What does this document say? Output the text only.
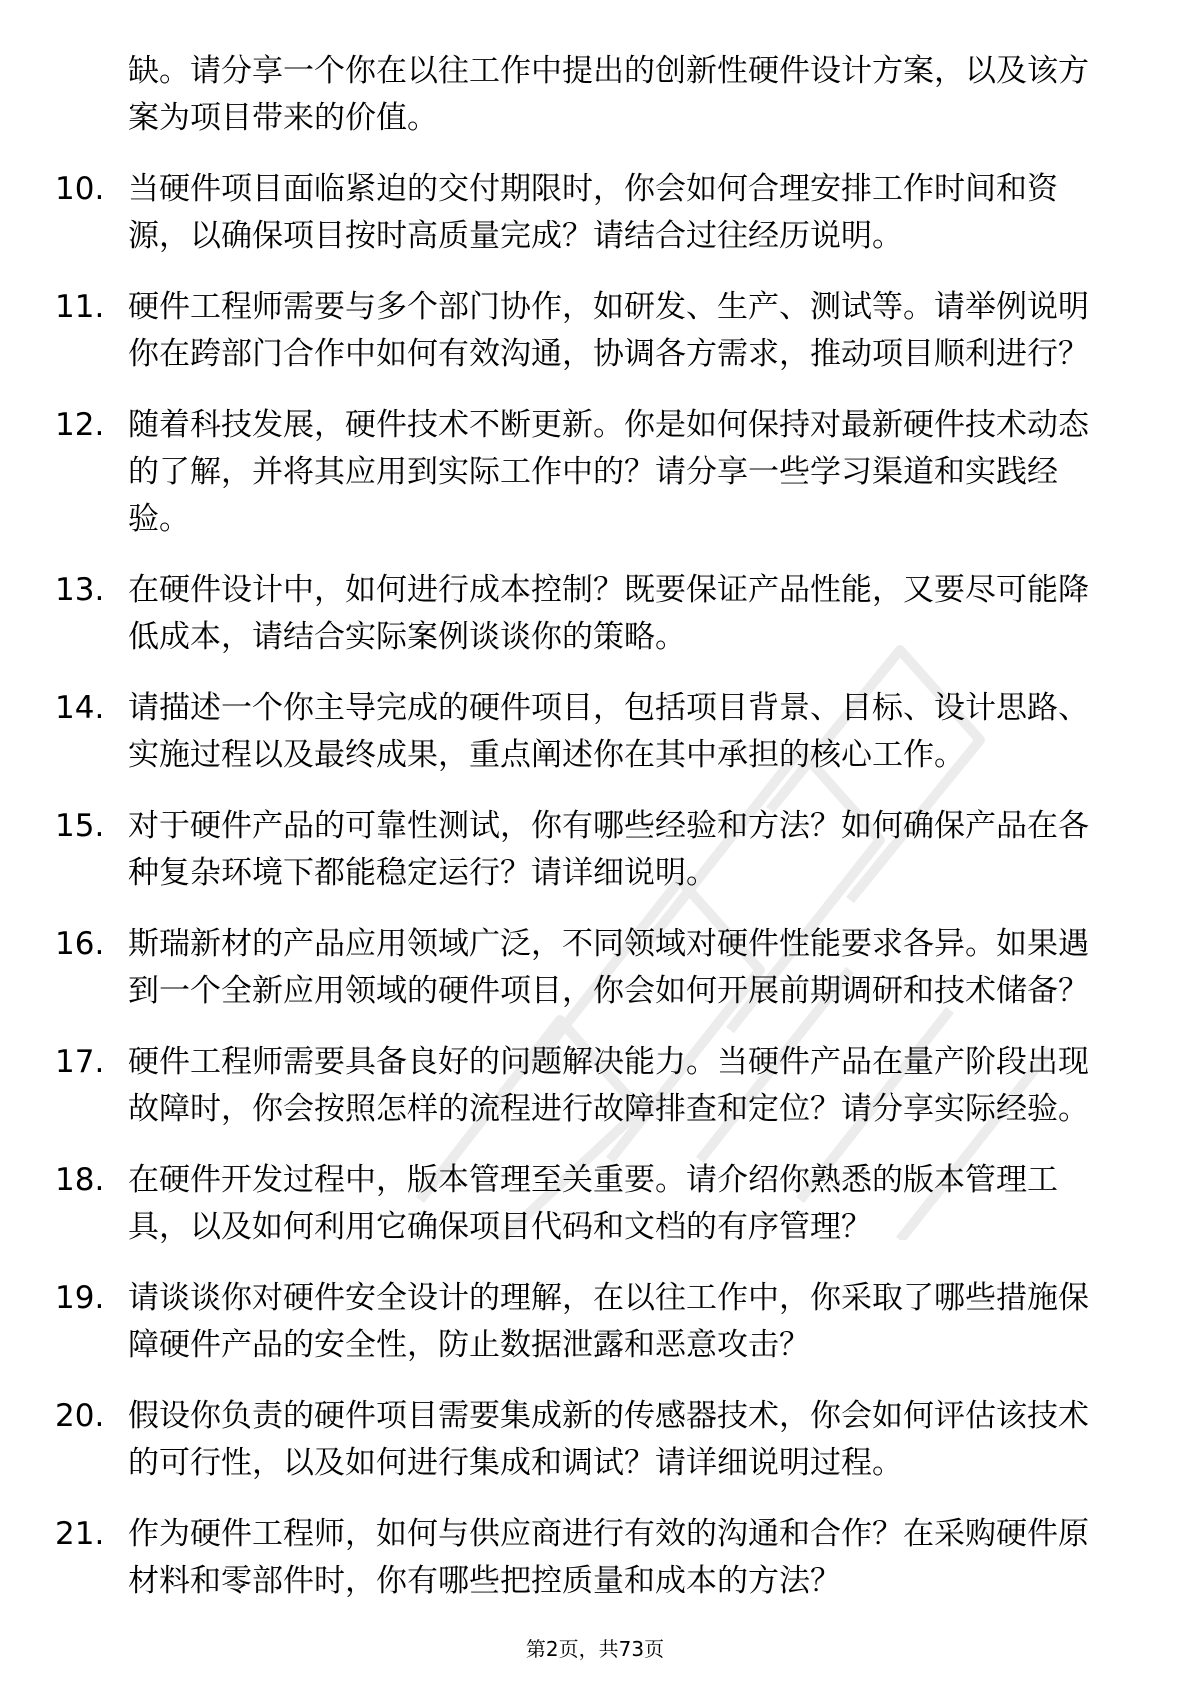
缺。请分享一个你在以往工作中提出的创新性硬件设计方案，以及该方案为项目带来的价值。
10. 当硬件项目面临紧迫的交付期限时，你会如何合理安排工作时间和资源，以确保项目按时高质量完成？请结合过往经历说明。
11. 硬件工程师需要与多个部门协作，如研发、生产、测试等。请举例说明你在跨部门合作中如何有效沟通，协调各方需求，推动项目顺利进行？
12. 随着科技发展，硬件技术不断更新。你是如何保持对最新硬件技术动态的了解，并将其应用到实际工作中的？请分享一些学习渠道和实践经验。
13. 在硬件设计中，如何进行成本控制？既要保证产品性能，又要尽可能降低成本，请结合实际案例谈谈你的策略。
14. 请描述一个你主导完成的硬件项目，包括项目背景、目标、设计思路、实施过程以及最终成果，重点阐述你在其中承担的核心工作。
15. 对于硬件产品的可靠性测试，你有哪些经验和方法？如何确保产品在各种复杂环境下都能稳定运行？请详细说明。
16. 斯瑞新材的产品应用领域广泛，不同领域对硬件性能要求各异。如果遇到一个全新应用领域的硬件项目，你会如何开展前期调研和技术储备？
17. 硬件工程师需要具备良好的问题解决能力。当硬件产品在量产阶段出现故障时，你会按照怎样的流程进行故障排查和定位？请分享实际经验。
18. 在硬件开发过程中，版本管理至关重要。请介绍你熟悉的版本管理工具，以及如何利用它确保项目代码和文档的有序管理？
19. 请谈谈你对硬件安全设计的理解，在以往工作中，你采取了哪些措施保障硬件产品的安全性，防止数据泄露和恶意攻击？
20. 假设你负责的硬件项目需要集成新的传感器技术，你会如何评估该技术的可行性，以及如何进行集成和调试？请详细说明过程。
21. 作为硬件工程师，如何与供应商进行有效的沟通和合作？在采购硬件原材料和零部件时，你有哪些把控质量和成本的方法？
第2页，共73页
